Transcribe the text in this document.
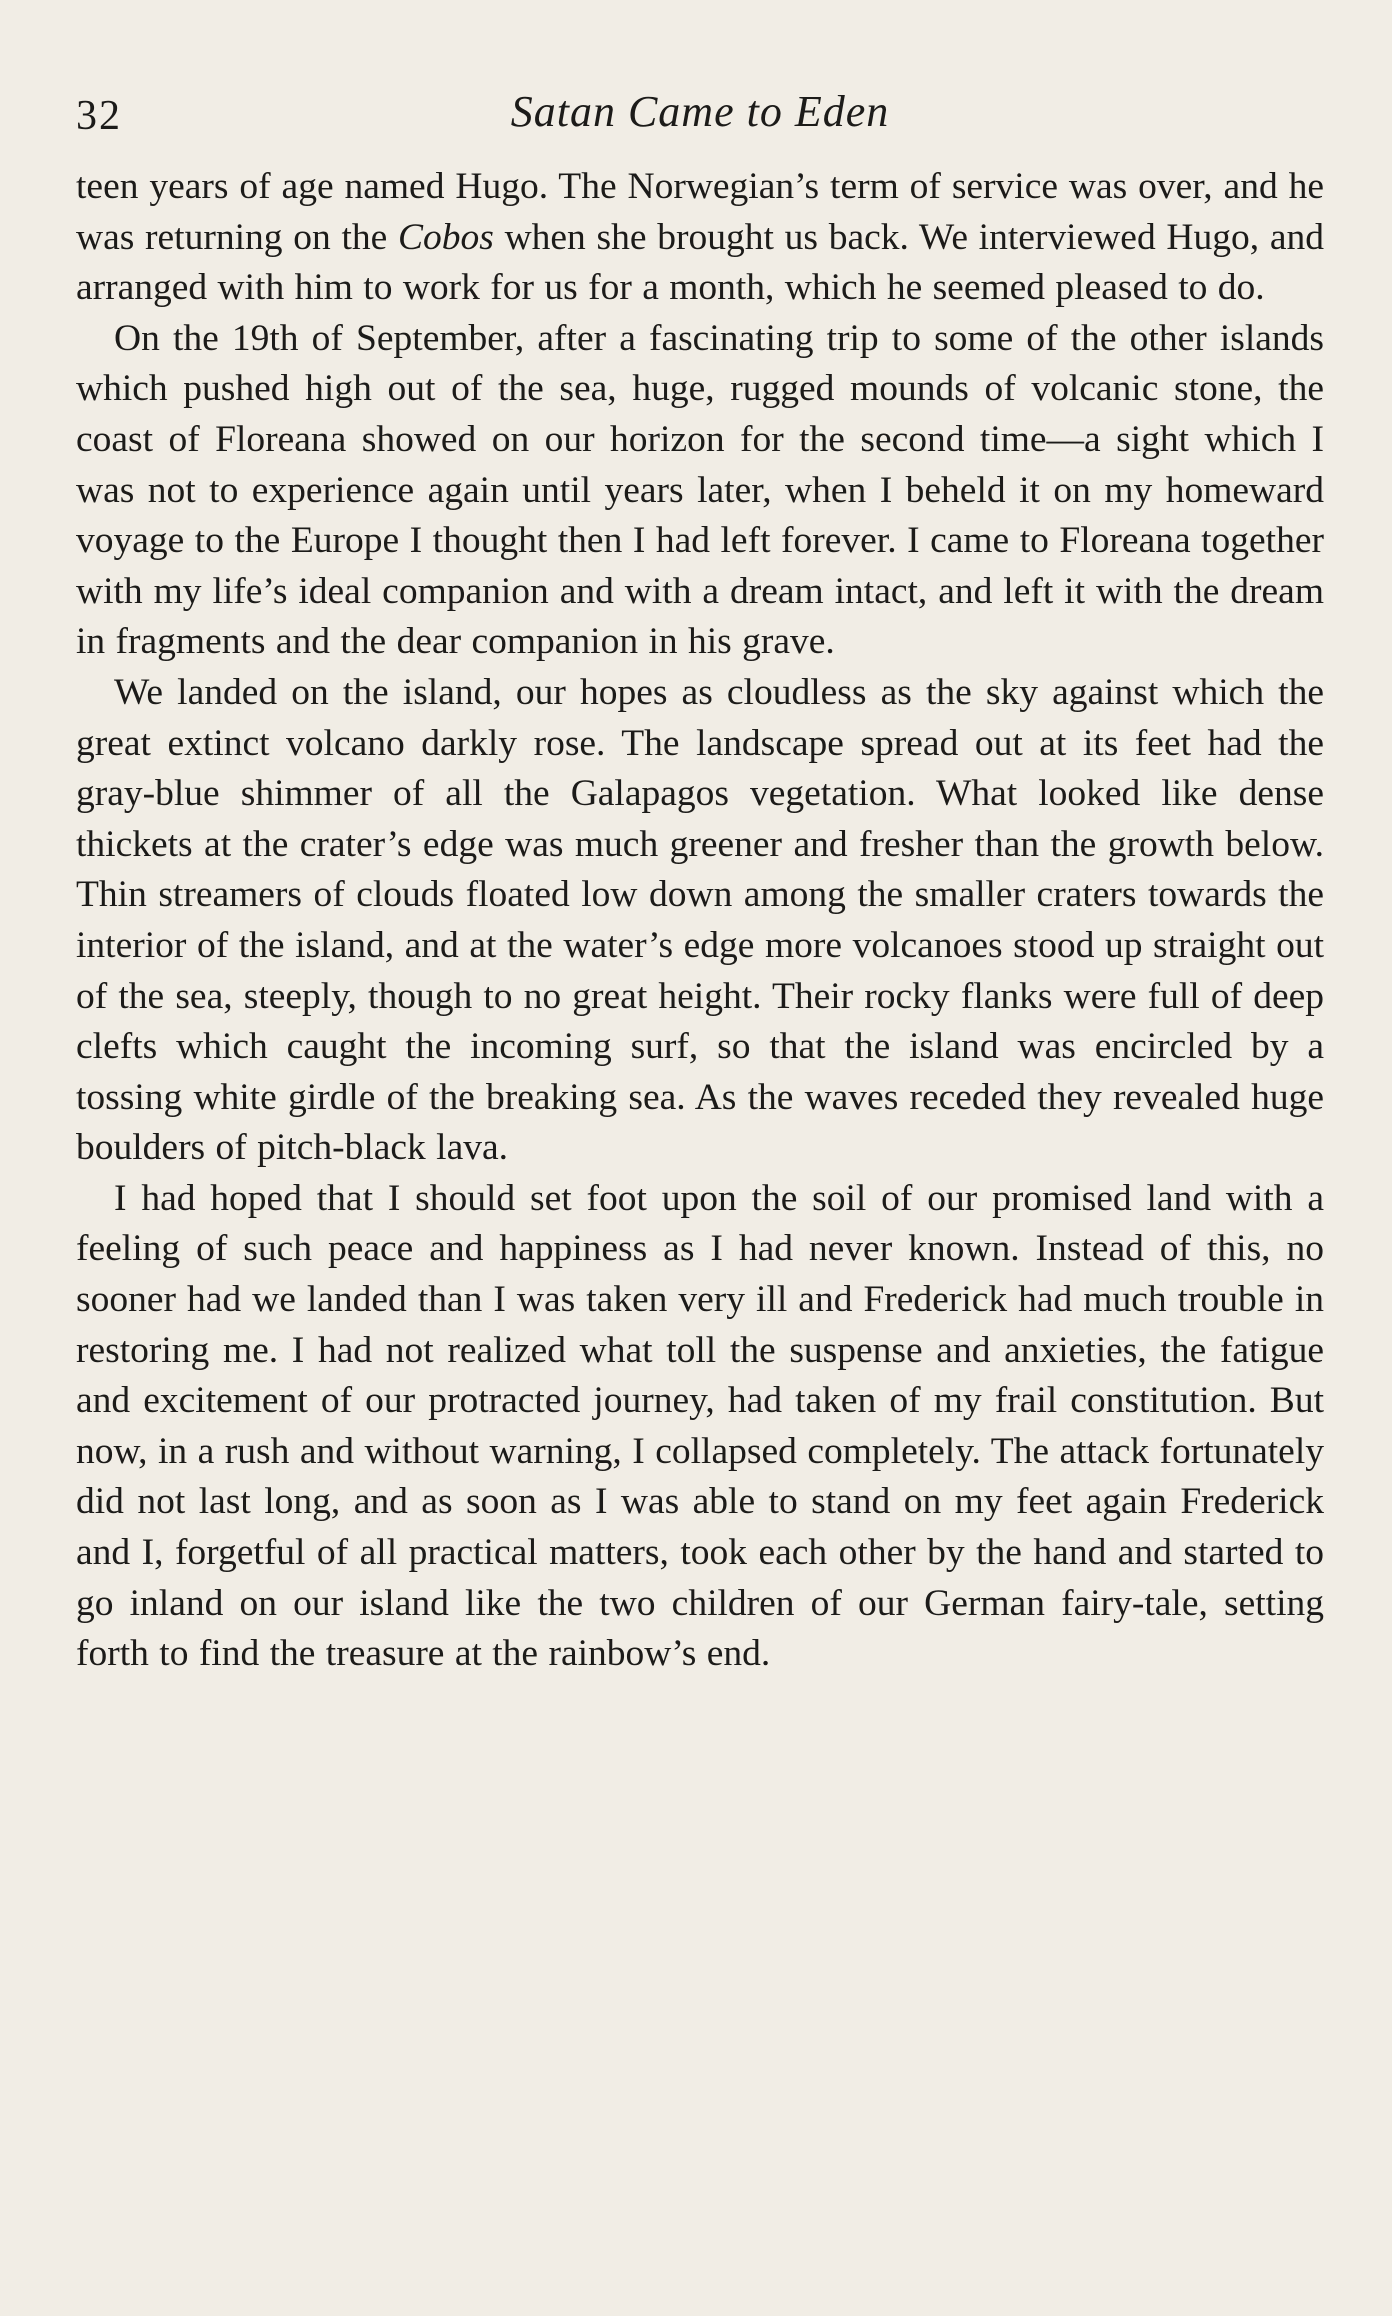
32	Satan Came to Eden

teen years of age named Hugo. The Norwegian’s term of service was over, and he was returning on the Cobos when she brought us back. We interviewed Hugo, and arranged with him to work for us for a month, which he seemed pleased to do.

On the 19th of September, after a fascinating trip to some of the other islands which pushed high out of the sea, huge, rugged mounds of volcanic stone, the coast of Floreana showed on our horizon for the second time—a sight which I was not to experience again until years later, when I beheld it on my homeward voyage to the Europe I thought then I had left forever. I came to Floreana together with my life’s ideal companion and with a dream intact, and left it with the dream in fragments and the dear companion in his grave.

We landed on the island, our hopes as cloudless as the sky against which the great extinct volcano darkly rose. The landscape spread out at its feet had the gray-blue shimmer of all the Galapagos vegetation. What looked like dense thickets at the crater’s edge was much greener and fresher than the growth below. Thin streamers of clouds floated low down among the smaller craters towards the interior of the island, and at the water’s edge more volcanoes stood up straight out of the sea, steeply, though to no great height. Their rocky flanks were full of deep clefts which caught the incoming surf, so that the island was encircled by a tossing white girdle of the breaking sea. As the waves receded they revealed huge boulders of pitch-black lava.

I had hoped that I should set foot upon the soil of our promised land with a feeling of such peace and happiness as I had never known. Instead of this, no sooner had we landed than I was taken very ill and Frederick had much trouble in restoring me. I had not realized what toll the suspense and anxieties, the fatigue and excitement of our protracted journey, had taken of my frail constitution. But now, in a rush and without warning, I collapsed completely. The attack fortunately did not last long, and as soon as I was able to stand on my feet again Frederick and I, forgetful of all practical matters, took each other by the hand and started to go inland on our island like the two children of our German fairy-tale, setting forth to find the treasure at the rainbow’s end.
